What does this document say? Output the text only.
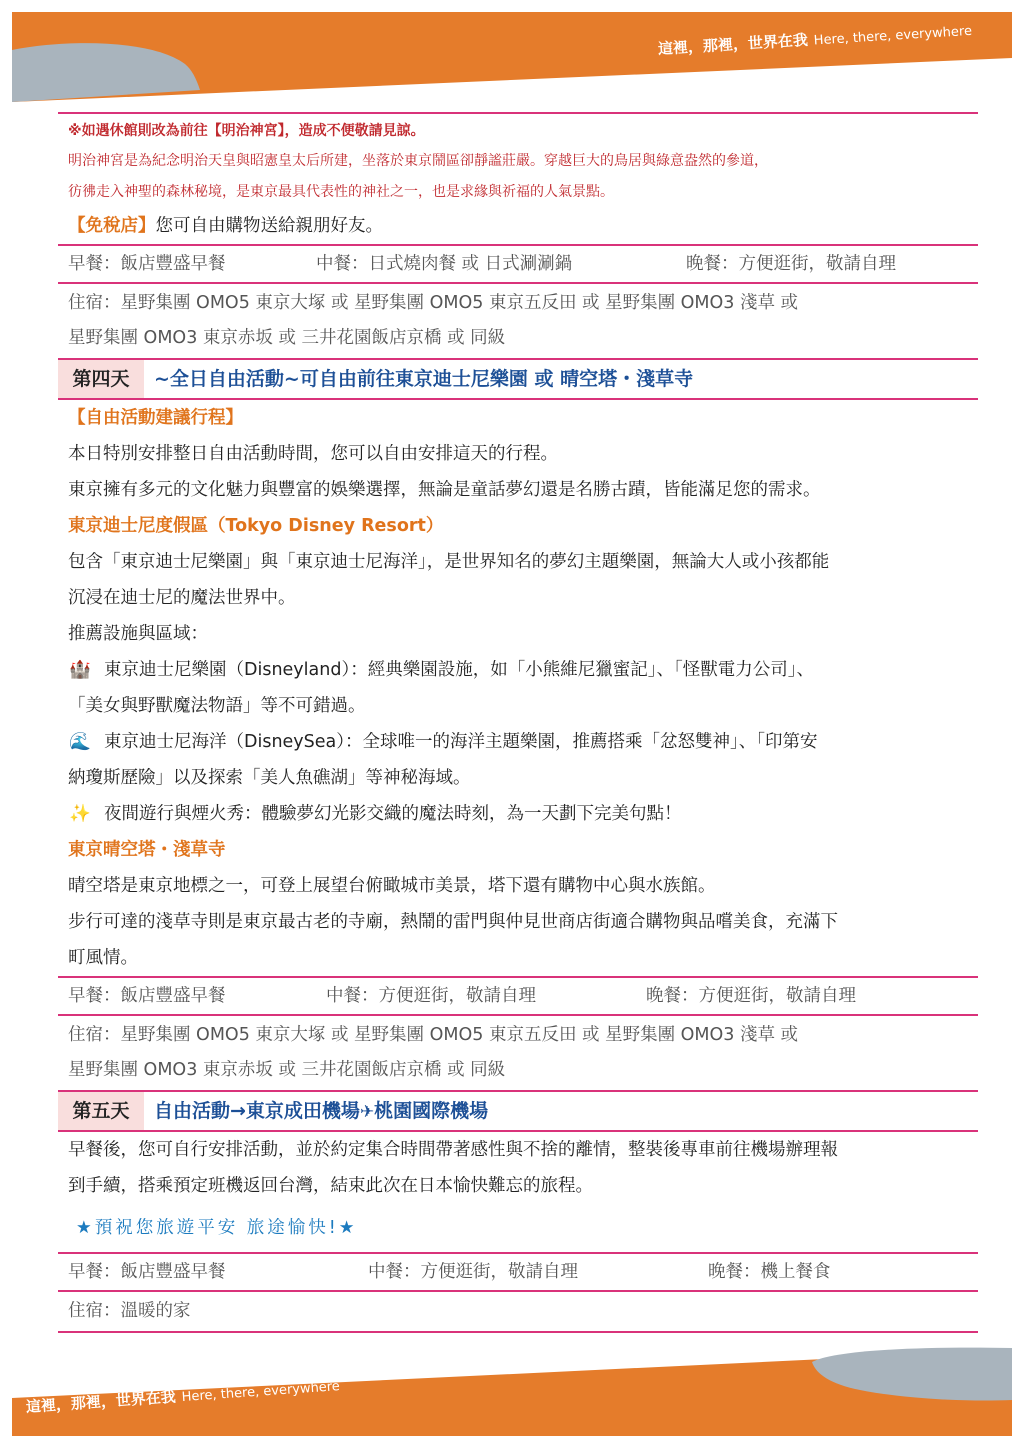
這裡，那裡，世界在我 Here, there, everywhere
※如遇休館則改為前往【明治神宮】，造成不便敬請見諒。
明治神宮是為紀念明治天皇與昭憲皇太后所建，坐落於東京鬧區卻靜謐莊嚴。穿越巨大的鳥居與綠意盎然的參道，
彷彿走入神聖的森林秘境，是東京最具代表性的神社之一，也是求緣與祈福的人氣景點。
【免稅店】您可自由購物送給親朋好友。
早餐：飯店豐盛早餐	中餐：日式燒肉餐 或 日式涮涮鍋	晚餐：方便逛街，敬請自理
住宿：星野集團 OMO5 東京大塚 或 星野集團 OMO5 東京五反田 或 星野集團 OMO3 淺草 或
星野集團 OMO3 東京赤坂 或 三井花園飯店京橋 或 同級
第四天	~全日自由活動~可自由前往東京迪士尼樂園 或 晴空塔・淺草寺
【自由活動建議行程】
本日特別安排整日自由活動時間，您可以自由安排這天的行程。
東京擁有多元的文化魅力與豐富的娛樂選擇，無論是童話夢幻還是名勝古蹟，皆能滿足您的需求。
東京迪士尼度假區（Tokyo Disney Resort）
包含「東京迪士尼樂園」與「東京迪士尼海洋」，是世界知名的夢幻主題樂園，無論大人或小孩都能
沉浸在迪士尼的魔法世界中。
推薦設施與區域：
🏰 東京迪士尼樂園（Disneyland）：經典樂園設施，如「小熊維尼獵蜜記」、「怪獸電力公司」、
「美女與野獸魔法物語」等不可錯過。
🌊 東京迪士尼海洋（DisneySea）：全球唯一的海洋主題樂園，推薦搭乘「忿怒雙神」、「印第安
納瓊斯歷險」以及探索「美人魚礁湖」等神秘海域。
✨ 夜間遊行與煙火秀：體驗夢幻光影交織的魔法時刻，為一天劃下完美句點！
東京晴空塔・淺草寺
晴空塔是東京地標之一，可登上展望台俯瞰城市美景，塔下還有購物中心與水族館。
步行可達的淺草寺則是東京最古老的寺廟，熱鬧的雷門與仲見世商店街適合購物與品嚐美食，充滿下
町風情。
早餐：飯店豐盛早餐	中餐：方便逛街，敬請自理	晚餐：方便逛街，敬請自理
住宿：星野集團 OMO5 東京大塚 或 星野集團 OMO5 東京五反田 或 星野集團 OMO3 淺草 或
星野集團 OMO3 東京赤坂 或 三井花園飯店京橋 或 同級
第五天	自由活動→東京成田機場✈桃園國際機場
早餐後，您可自行安排活動，並於約定集合時間帶著感性與不捨的離情，整裝後專車前往機場辦理報
到手續，搭乘預定班機返回台灣，結束此次在日本愉快難忘的旅程。
★預祝您旅遊平安 旅途愉快!★
早餐：飯店豐盛早餐	中餐：方便逛街，敬請自理	晚餐：機上餐食
住宿：溫暖的家
這裡，那裡，世界在我 Here, there, everywhere
